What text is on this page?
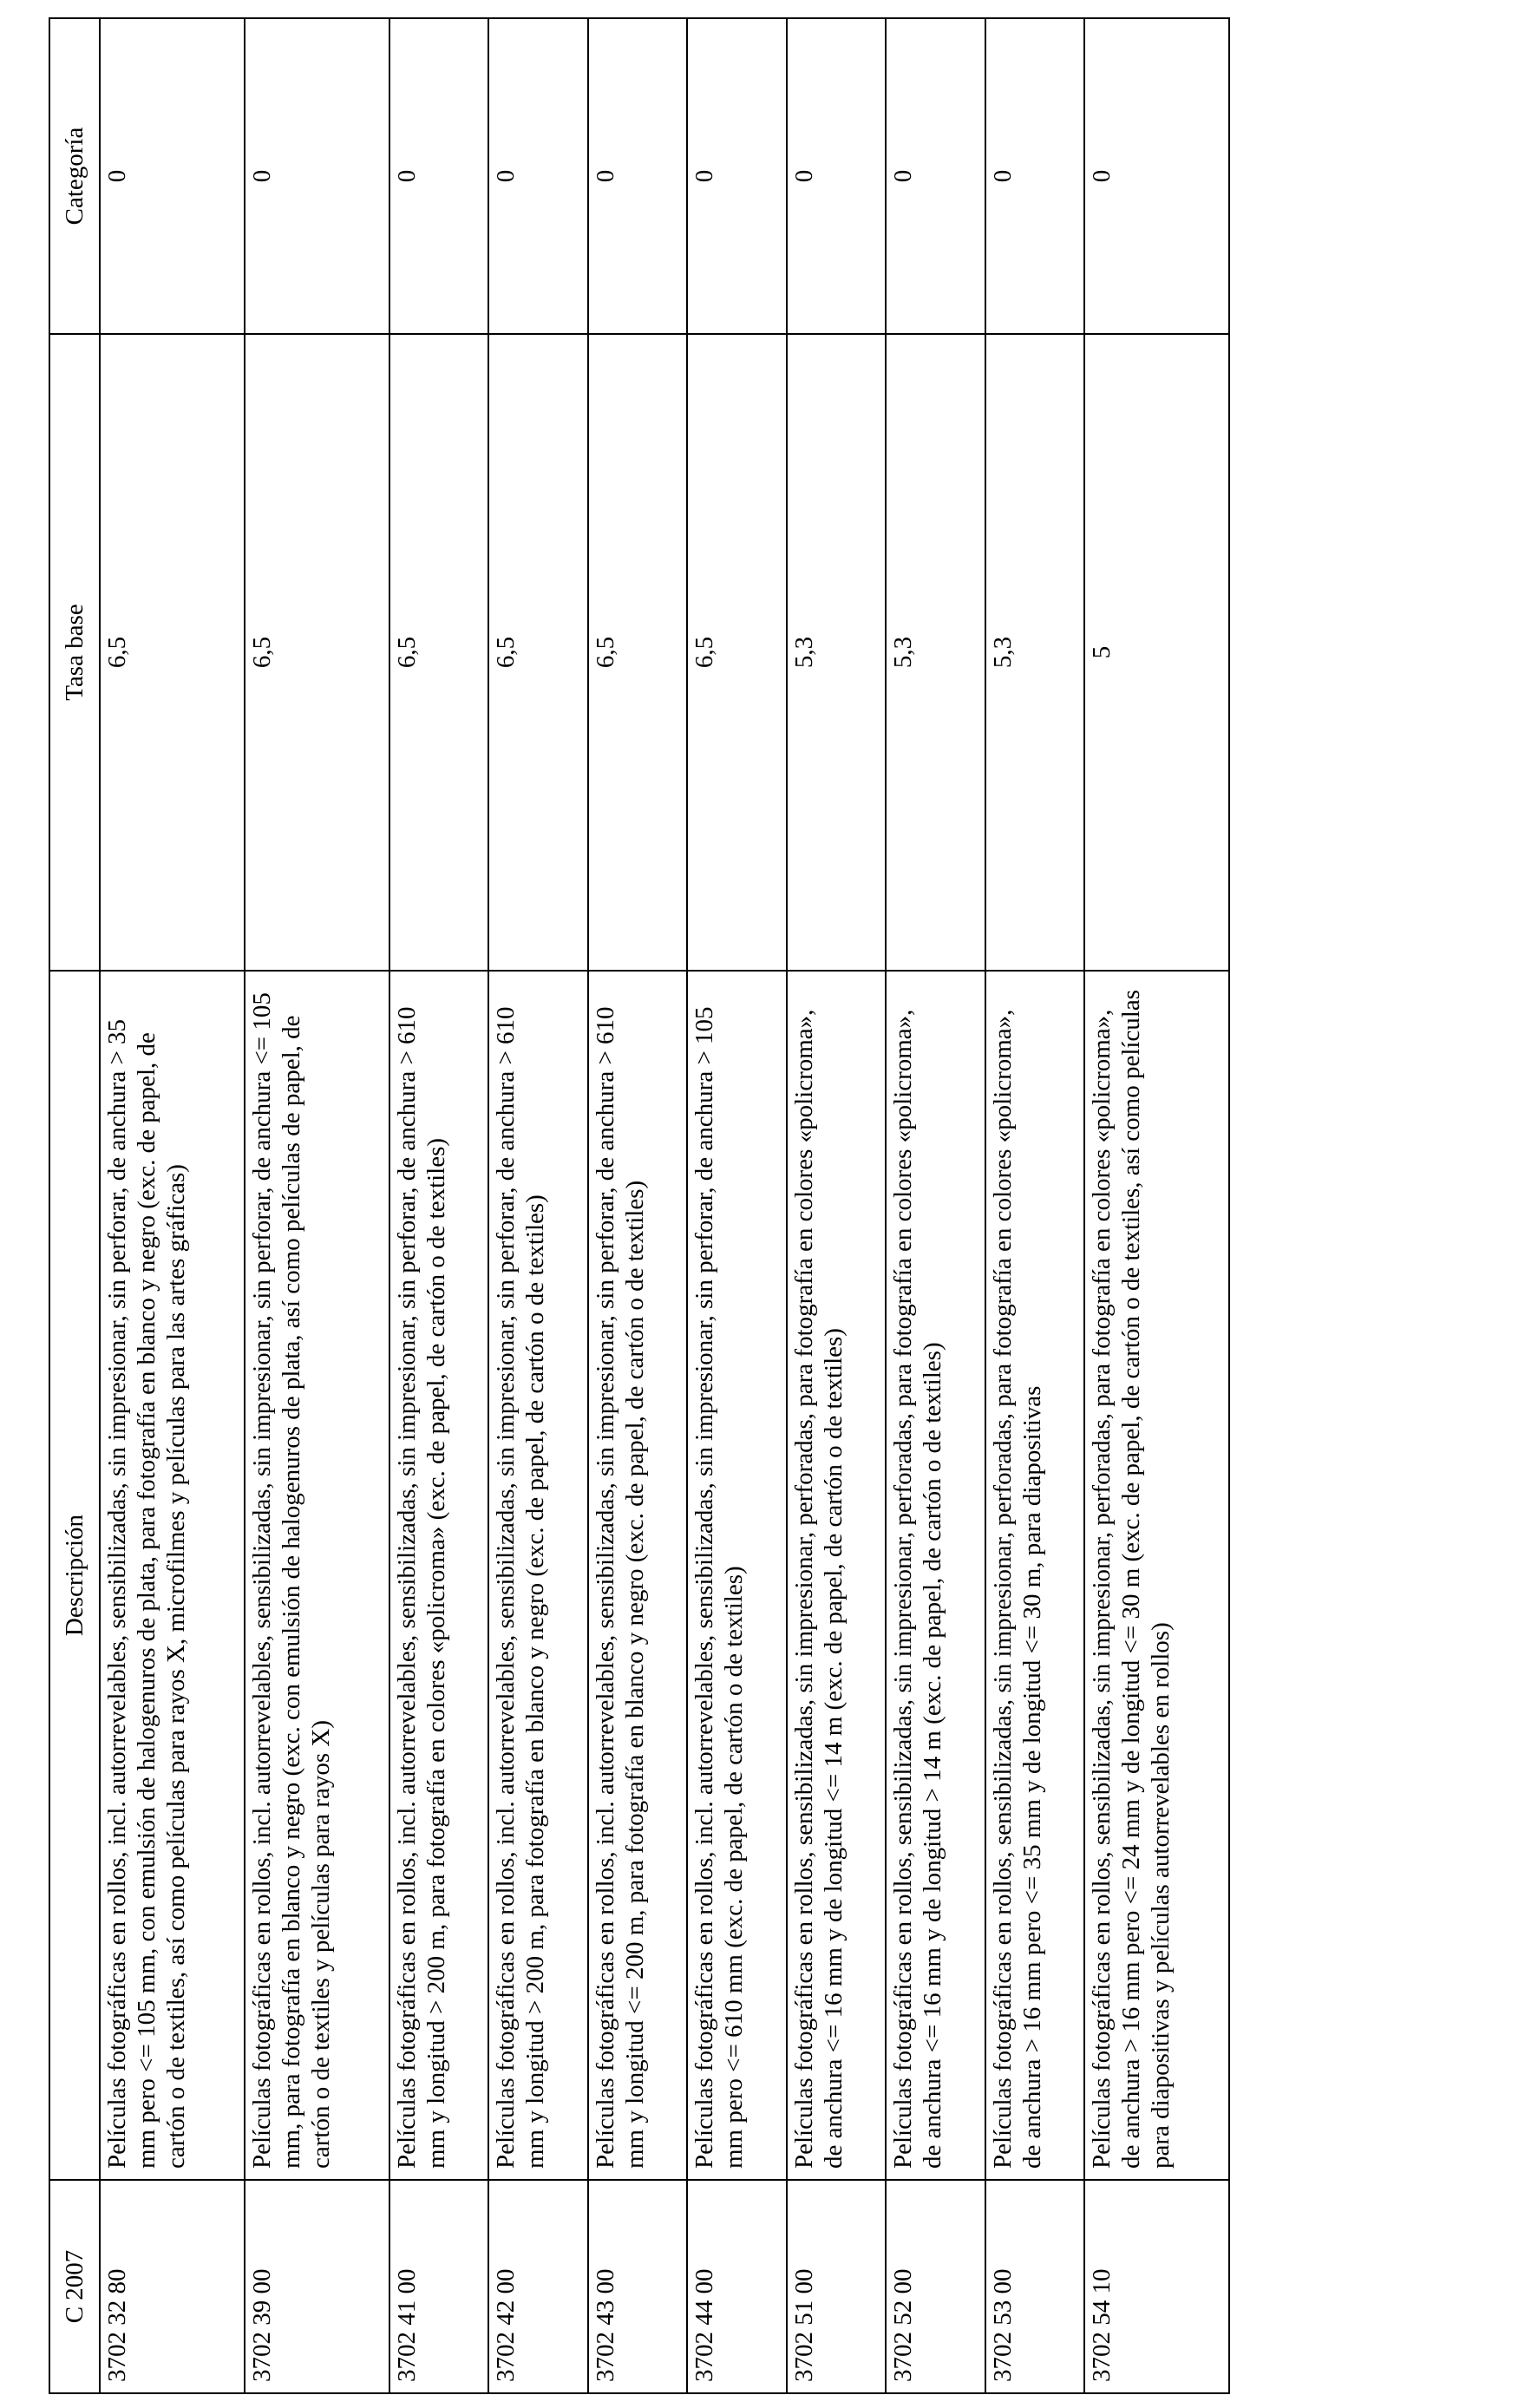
C 2007	Descripción	Tasa base	Categoría
3702 32 80	Películas fotográficas en rollos, incl. autorrevelables, sensibilizadas, sin impresionar, sin perforar, de anchura > 35 mm pero <= 105 mm, con emulsión de halogenuros de plata, para fotografía en blanco y negro (exc. de papel, de cartón o de textiles, así como películas para rayos X, microfilmes y películas para las artes gráficas)	6,5	0
3702 39 00	Películas fotográficas en rollos, incl. autorrevelables, sensibilizadas, sin impresionar, sin perforar, de anchura <= 105 mm, para fotografía en blanco y negro (exc. con emulsión de halogenuros de plata, así como películas de papel, de cartón o de textiles y películas para rayos X)	6,5	0
3702 41 00	Películas fotográficas en rollos, incl. autorrevelables, sensibilizadas, sin impresionar, sin perforar, de anchura > 610 mm y longitud > 200 m, para fotografía en colores «policroma» (exc. de papel, de cartón o de textiles)	6,5	0
3702 42 00	Películas fotográficas en rollos, incl. autorrevelables, sensibilizadas, sin impresionar, sin perforar, de anchura > 610 mm y longitud > 200 m, para fotografía en blanco y negro (exc. de papel, de cartón o de textiles)	6,5	0
3702 43 00	Películas fotográficas en rollos, incl. autorrevelables, sensibilizadas, sin impresionar, sin perforar, de anchura > 610 mm y longitud <= 200 m, para fotografía en blanco y negro (exc. de papel, de cartón o de textiles)	6,5	0
3702 44 00	Películas fotográficas en rollos, incl. autorrevelables, sensibilizadas, sin impresionar, sin perforar, de anchura > 105 mm pero <= 610 mm (exc. de papel, de cartón o de textiles)	6,5	0
3702 51 00	Películas fotográficas en rollos, sensibilizadas, sin impresionar, perforadas, para fotografía en colores «policroma», de anchura <= 16 mm y de longitud <= 14 m (exc. de papel, de cartón o de textiles)	5,3	0
3702 52 00	Películas fotográficas en rollos, sensibilizadas, sin impresionar, perforadas, para fotografía en colores «policroma», de anchura <= 16 mm y de longitud > 14 m (exc. de papel, de cartón o de textiles)	5,3	0
3702 53 00	Películas fotográficas en rollos, sensibilizadas, sin impresionar, perforadas, para fotografía en colores «policroma», de anchura > 16 mm pero <= 35 mm y de longitud <= 30 m, para diapositivas	5,3	0
3702 54 10	Películas fotográficas en rollos, sensibilizadas, sin impresionar, perforadas, para fotografía en colores «policroma», de anchura > 16 mm pero <= 24 mm y de longitud <= 30 m (exc. de papel, de cartón o de textiles, así como películas para diapositivas y películas autorrevelables en rollos)	5	0
